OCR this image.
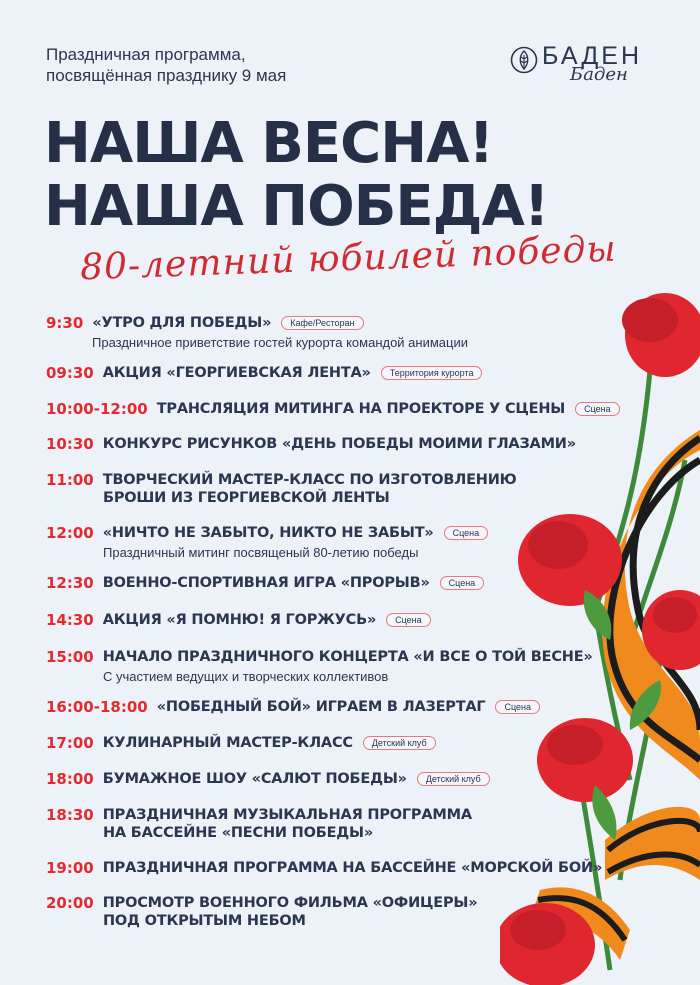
Праздничная программа,
посвящённая празднику 9 мая
БАДЕН
Баден
НАША ВЕСНА!
НАША ПОБЕДА!
80-летний юбилей победы
9:30 «УТРО ДЛЯ ПОБЕДЫ»	Кафе/Ресторан
Праздничное приветствие гостей курорта командой анимации
09:30 АКЦИЯ «ГЕОРГИЕВСКАЯ ЛЕНТА»	Территория курорта
10:00-12:00 ТРАНСЛЯЦИЯ МИТИНГА НА ПРОЕКТОРЕ У СЦЕНЫ	Сцена
10:30 КОНКУРС РИСУНКОВ «ДЕНЬ ПОБЕДЫ МОИМИ ГЛАЗАМИ»
11:00 ТВОРЧЕСКИЙ МАСТЕР-КЛАСС ПО ИЗГОТОВЛЕНИЮ
БРОШИ ИЗ ГЕОРГИЕВСКОЙ ЛЕНТЫ
12:00 «НИЧТО НЕ ЗАБЫТО, НИКТО НЕ ЗАБЫТ»	Сцена
Праздничный митинг посвященый 80-летию победы
12:30 ВОЕННО-СПОРТИВНАЯ ИГРА «ПРОРЫВ»	Сцена
14:30 АКЦИЯ «Я ПОМНЮ! Я ГОРЖУСЬ»	Сцена
15:00 НАЧАЛО ПРАЗДНИЧНОГО КОНЦЕРТА «И ВСЕ О ТОЙ ВЕСНЕ»
С участием ведущих и творческих коллективов
16:00-18:00 «ПОБЕДНЫЙ БОЙ» ИГРАЕМ В ЛАЗЕРТАГ	Сцена
17:00 КУЛИНАРНЫЙ МАСТЕР-КЛАСС	Детский клуб
18:00 БУМАЖНОЕ ШОУ «САЛЮТ ПОБЕДЫ»	Детский клуб
18:30 ПРАЗДНИЧНАЯ МУЗЫКАЛЬНАЯ ПРОГРАММА
НА БАССЕЙНЕ «ПЕСНИ ПОБЕДЫ»
19:00 ПРАЗДНИЧНАЯ ПРОГРАММА НА БАССЕЙНЕ «МОРСКОЙ БОЙ»
20:00 ПРОСМОТР ВОЕННОГО ФИЛЬМА «ОФИЦЕРЫ»
ПОД ОТКРЫТЫМ НЕБОМ
